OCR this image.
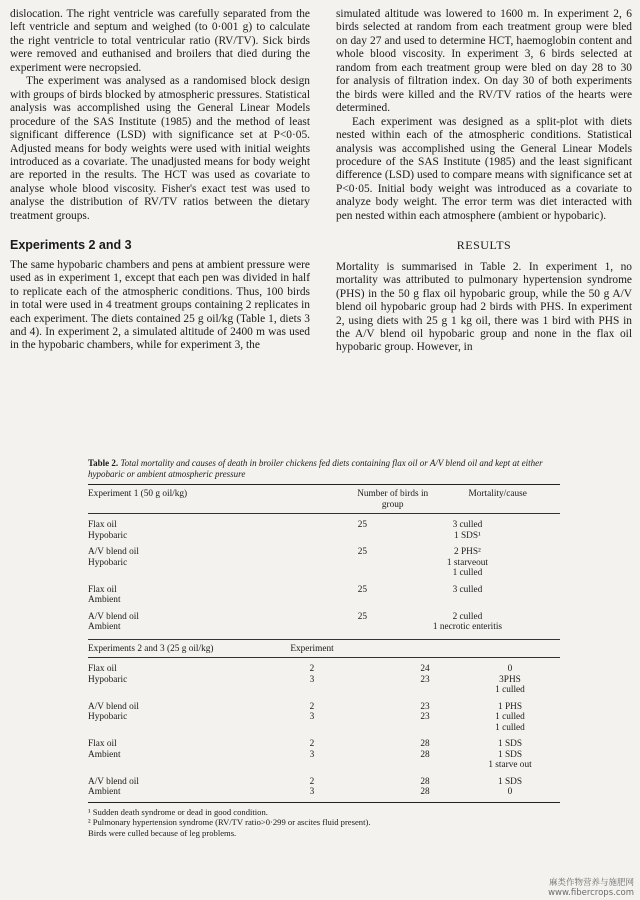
dislocation. The right ventricle was carefully separated from the left ventricle and septum and weighed (to 0·001 g) to calculate the right ventricle to total ventricular ratio (RV/TV). Sick birds were removed and euthanised and broilers that died during the experiment were necropsied.

The experiment was analysed as a randomised block design with groups of birds blocked by atmospheric pressures. Statistical analysis was accomplished using the General Linear Models procedure of the SAS Institute (1985) and the method of least significant difference (LSD) with significance set at P<0·05. Adjusted means for body weights were used with initial weights introduced as a covariate. The unadjusted means for body weight are reported in the results. The HCT was used as covariate to analyse whole blood viscosity. Fisher's exact test was used to analyse the distribution of RV/TV ratios between the dietary treatment groups.

Experiments 2 and 3

The same hypobaric chambers and pens at ambient pressure were used as in experiment 1, except that each pen was divided in half to replicate each of the atmospheric conditions. Thus, 100 birds in total were used in 4 treatment groups containing 2 replicates in each experiment. The diets contained 25 g oil/kg (Table 1, diets 3 and 4). In experiment 2, a simulated altitude of 2400 m was used in the hypobaric chambers, while for experiment 3, the

simulated altitude was lowered to 1600 m. In experiment 2, 6 birds selected at random from each treatment group were bled on day 27 and used to determine HCT, haemoglobin content and whole blood viscosity. In experiment 3, 6 birds selected at random from each treatment group were bled on day 28 to 30 for analysis of filtration index. On day 30 of both experiments the birds were killed and the RV/TV ratios of the hearts were determined.

Each experiment was designed as a split-plot with diets nested within each of the atmospheric conditions. Statistical analysis was accomplished using the General Linear Models procedure of the SAS Institute (1985) and the least significant difference (LSD) used to compare means with significance set at P<0·05. Initial body weight was introduced as a covariate to analyze body weight. The error term was diet interacted with pen nested within each atmosphere (ambient or hypobaric).

RESULTS

Mortality is summarised in Table 2. In experiment 1, no mortality was attributed to pulmonary hypertension syndrome (PHS) in the 50 g flax oil hypobaric group, while the 50 g A/V blend oil hypobaric group had 2 birds with PHS. In experiment 2, using diets with 25 g 1 kg oil, there was 1 bird with PHS in the A/V blend oil hypobaric group and none in the flax oil hypobaric group. However, in

Table 2. Total mortality and causes of death in broiler chickens fed diets containing flax oil or A/V blend oil and kept at either hypobaric or ambient atmospheric pressure
Experiment 1 (50 g oil/kg)		Number of birds in group	Mortality/cause
Flax oil		25	3 culled
Hypobaric			1 SDS¹
A/V blend oil		25	2 PHS²
Hypobaric			1 starveout
			1 culled
Flax oil		25	3 culled
Ambient			
A/V blend oil		25	2 culled
Ambient			1 necrotic enteritis
Experiments 2 and 3 (25 g oil/kg)	Experiment			
Flax oil	2		24	0
Hypobaric	3		23	3PHS
				1 culled
A/V blend oil	2		23	1 PHS
Hypobaric	3		23	1 culled
				1 culled
Flax oil	2		28	1 SDS
Ambient	3		28	1 SDS
				1 starve out
A/V blend oil	2		28	1 SDS
Ambient	3		28	0
¹ Sudden death syndrome or dead in good condition.
² Pulmonary hypertension syndrome (RV/TV ratio>0·299 or ascites fluid present).
Birds were culled because of leg problems.
麻类作物营养与施肥网
www.fibercrops.com
